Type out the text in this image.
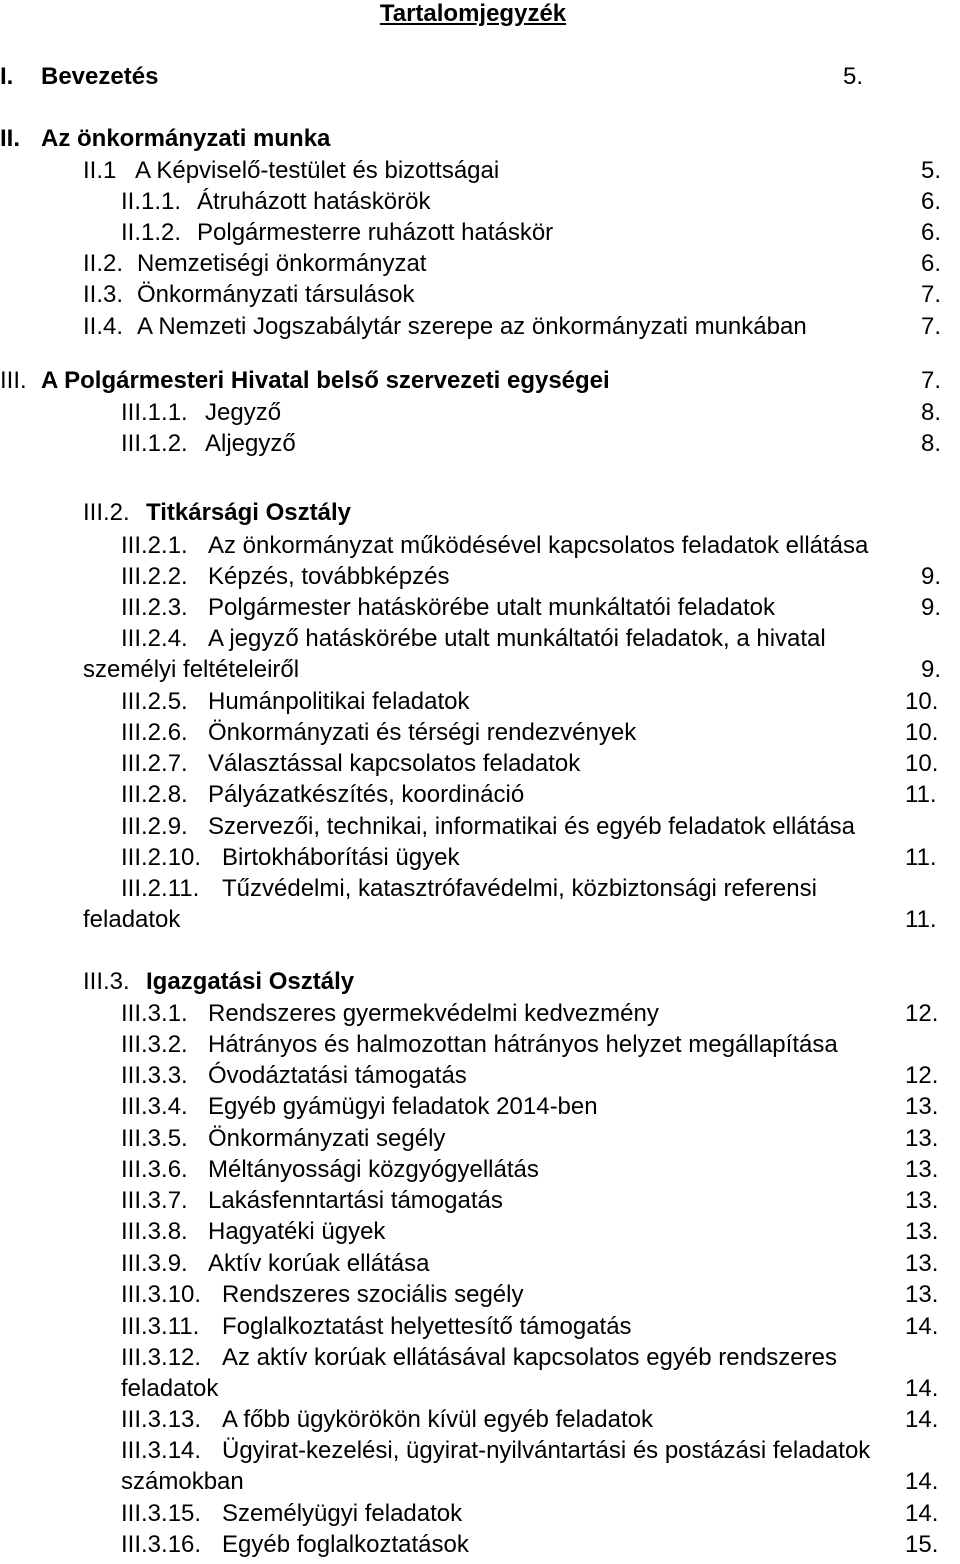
Tartalomjegyzék
I. Bevezetés	5.
II. Az önkormányzati munka
II.1 A Képviselő-testület és bizottságai	5.
II.1.1. Átruházott hatáskörök	6.
II.1.2. Polgármesterre ruházott hatáskör	6.
II.2. Nemzetiségi önkormányzat	6.
II.3. Önkormányzati társulások	7.
II.4. A Nemzeti Jogszabálytár szerepe az önkormányzati munkában	7.
III. A Polgármesteri Hivatal belső szervezeti egységei	7.
III.1.1. Jegyző	8.
III.1.2. Aljegyző	8.
III.2. Titkársági Osztály
III.2.1. Az önkormányzat működésével kapcsolatos feladatok ellátása
III.2.2. Képzés, továbbképzés	9.
III.2.3. Polgármester hatáskörébe utalt munkáltatói feladatok	9.
III.2.4. A jegyző hatáskörébe utalt munkáltatói feladatok, a hivatal
személyi feltételeiről	9.
III.2.5. Humánpolitikai feladatok	10.
III.2.6. Önkormányzati és térségi rendezvények	10.
III.2.7. Választással kapcsolatos feladatok	10.
III.2.8. Pályázatkészítés, koordináció	11.
III.2.9. Szervezői, technikai, informatikai és egyéb feladatok ellátása
III.2.10. Birtokháborítási ügyek	11.
III.2.11. Tűzvédelmi, katasztrófavédelmi, közbiztonsági referensi
feladatok	11.
III.3. Igazgatási Osztály
III.3.1. Rendszeres gyermekvédelmi kedvezmény	12.
III.3.2. Hátrányos és halmozottan hátrányos helyzet megállapítása
III.3.3. Óvodáztatási támogatás	12.
III.3.4. Egyéb gyámügyi feladatok 2014-ben	13.
III.3.5. Önkormányzati segély	13.
III.3.6. Méltányossági közgyógyellátás	13.
III.3.7. Lakásfenntartási támogatás	13.
III.3.8. Hagyatéki ügyek	13.
III.3.9. Aktív korúak ellátása	13.
III.3.10. Rendszeres szociális segély	13.
III.3.11. Foglalkoztatást helyettesítő támogatás	14.
III.3.12. Az aktív korúak ellátásával kapcsolatos egyéb rendszeres
feladatok	14.
III.3.13. A főbb ügykörökön kívül egyéb feladatok	14.
III.3.14. Ügyirat-kezelési, ügyirat-nyilvántartási és postázási feladatok
számokban	14.
III.3.15. Személyügyi feladatok	14.
III.3.16. Egyéb foglalkoztatások	15.
